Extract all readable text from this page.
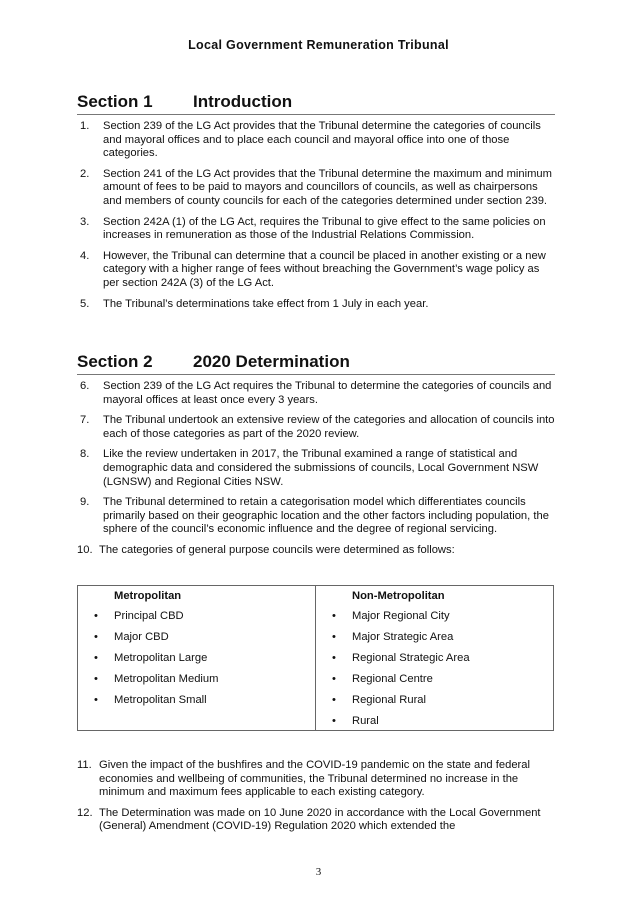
Local Government Remuneration Tribunal
Section 1 Introduction
1.	Section 239 of the LG Act provides that the Tribunal determine the categories of councils and mayoral offices and to place each council and mayoral office into one of those categories.
2.	Section 241 of the LG Act provides that the Tribunal determine the maximum and minimum amount of fees to be paid to mayors and councillors of councils, as well as chairpersons and members of county councils for each of the categories determined under section 239.
3.	Section 242A (1) of the LG Act, requires the Tribunal to give effect to the same policies on increases in remuneration as those of the Industrial Relations Commission.
4.	However, the Tribunal can determine that a council be placed in another existing or a new category with a higher range of fees without breaching the Government’s wage policy as per section 242A (3) of the LG Act.
5.	The Tribunal’s determinations take effect from 1 July in each year.
Section 2 2020 Determination
6.	Section 239 of the LG Act requires the Tribunal to determine the categories of councils and mayoral offices at least once every 3 years.
7.	The Tribunal undertook an extensive review of the categories and allocation of councils into each of those categories as part of the 2020 review.
8.	Like the review undertaken in 2017, the Tribunal examined a range of statistical and demographic data and considered the submissions of councils, Local Government NSW (LGNSW) and Regional Cities NSW.
9.	The Tribunal determined to retain a categorisation model which differentiates councils primarily based on their geographic location and the other factors including population, the sphere of the council’s economic influence and the degree of regional servicing.
10. The categories of general purpose councils were determined as follows:
Metropolitan
•	Principal CBD
•	Major CBD
•	Metropolitan Large
•	Metropolitan Medium
•	Metropolitan Small
Non-Metropolitan
•	Major Regional City
•	Major Strategic Area
•	Regional Strategic Area
•	Regional Centre
•	Regional Rural
•	Rural
11. Given the impact of the bushfires and the COVID-19 pandemic on the state and federal economies and wellbeing of communities, the Tribunal determined no increase in the minimum and maximum fees applicable to each existing category.
12. The Determination was made on 10 June 2020 in accordance with the Local Government (General) Amendment (COVID-19) Regulation 2020 which extended the
3
